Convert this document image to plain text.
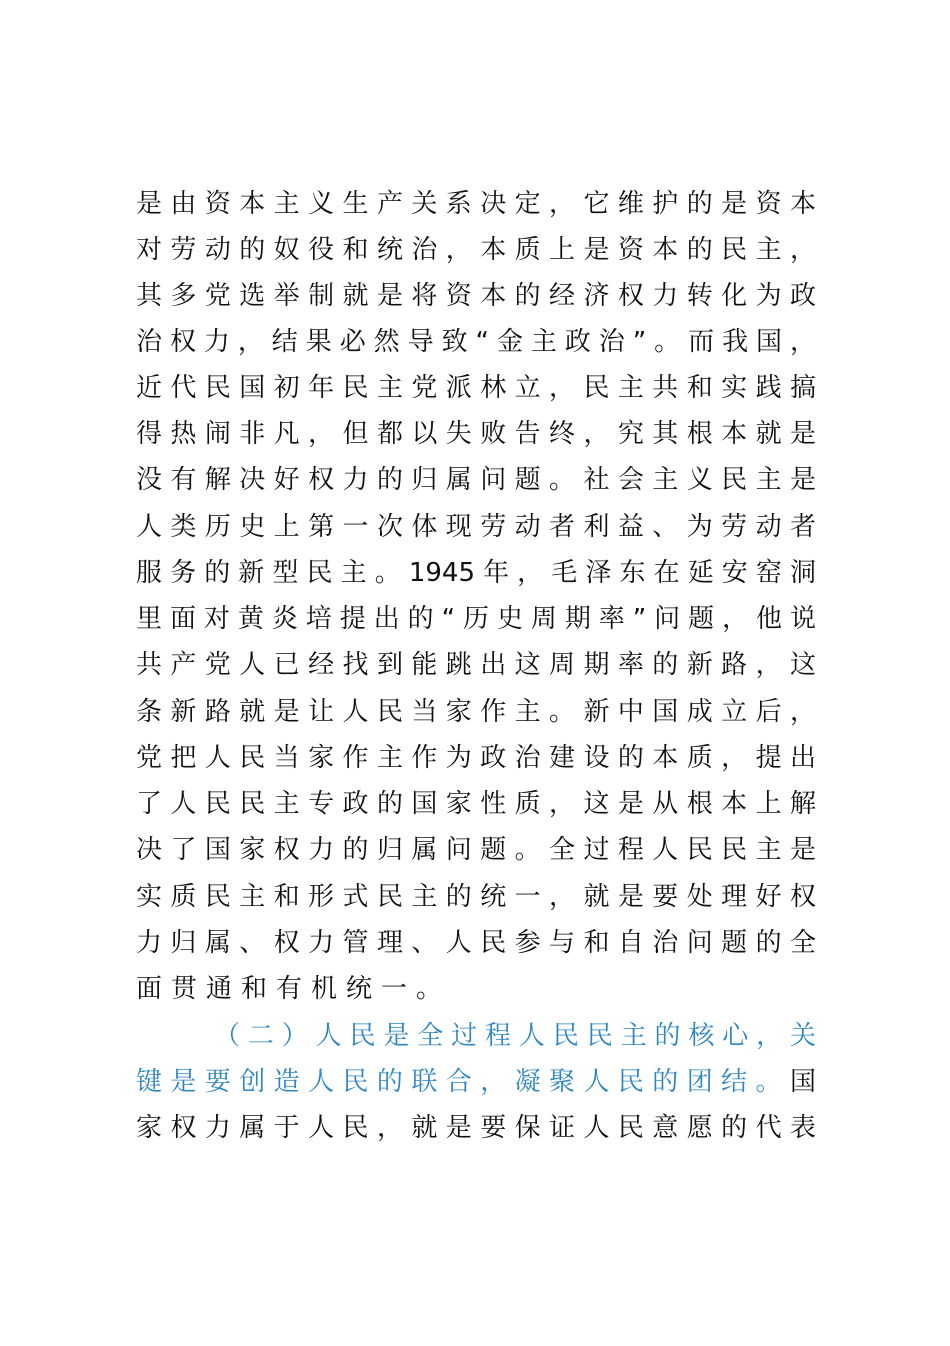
是由资本主义生产关系决定，它维护的是资本
对劳动的奴役和统治，本质上是资本的民主，
其多党选举制就是将资本的经济权力转化为政
治权力，结果必然导致“金主政治”。而我国，
近代民国初年民主党派林立，民主共和实践搞
得热闹非凡，但都以失败告终，究其根本就是
没有解决好权力的归属问题。社会主义民主是
人类历史上第一次体现劳动者利益、为劳动者
服务的新型民主。1945年，毛泽东在延安窑洞
里面对黄炎培提出的“历史周期率”问题，他说
共产党人已经找到能跳出这周期率的新路，这
条新路就是让人民当家作主。新中国成立后，
党把人民当家作主作为政治建设的本质，提出
了人民民主专政的国家性质，这是从根本上解
决了国家权力的归属问题。全过程人民民主是
实质民主和形式民主的统一，就是要处理好权
力归属、权力管理、人民参与和自治问题的全
面贯通和有机统一。
（二）人民是全过程人民民主的核心，关
键是要创造人民的联合，凝聚人民的团结。国
家权力属于人民，就是要保证人民意愿的代表
